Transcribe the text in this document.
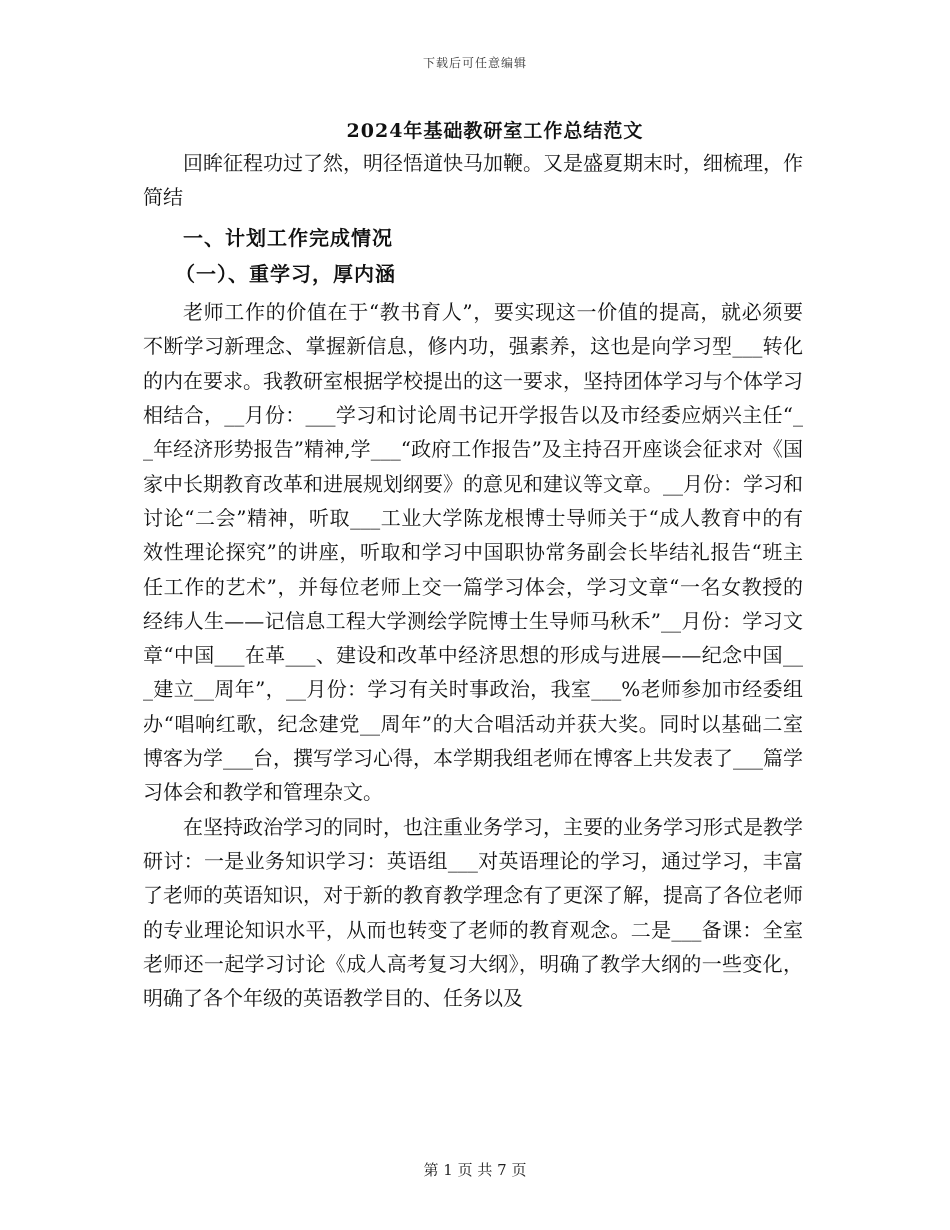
下载后可任意编辑
2024年基础教研室工作总结范文

回眸征程功过了然，明径悟道快马加鞭。又是盛夏期末时，细梳理，作简结

一、计划工作完成情况
（一）、重学习，厚内涵

老师工作的价值在于“教书育人”，要实现这一价值的提高，就必须要不断学习新理念、掌握新信息，修内功，强素养，这也是向学习型___转化的内在要求。我教研室根据学校提出的这一要求，坚持团体学习与个体学习相结合，__月份：___学习和讨论周书记开学报告以及市经委应炳兴主任“__年经济形势报告”精神,学___“政府工作报告”及主持召开座谈会征求对《国家中长期教育改革和进展规划纲要》的意见和建议等文章。__月份：学习和讨论“二会”精神，听取___工业大学陈龙根博士导师关于“成人教育中的有效性理论探究”的讲座，听取和学习中国职协常务副会长毕结礼报告“班主任工作的艺术”，并每位老师上交一篇学习体会，学习文章“一名女教授的经纬人生——记信息工程大学测绘学院博士生导师马秋禾”__月份：学习文章“中国___在革___、建设和改革中经济思想的形成与进展——纪念中国___建立__周年”，__月份：学习有关时事政治，我室___%老师参加市经委组办“唱响红歌，纪念建党__周年”的大合唱活动并获大奖。同时以基础二室博客为学___台，撰写学习心得，本学期我组老师在博客上共发表了___篇学习体会和教学和管理杂文。

在坚持政治学习的同时，也注重业务学习，主要的业务学习形式是教学研讨：一是业务知识学习：英语组___对英语理论的学习，通过学习，丰富了老师的英语知识，对于新的教育教学理念有了更深了解，提高了各位老师的专业理论知识水平，从而也转变了老师的教育观念。二是___备课：全室老师还一起学习讨论《成人高考复习大纲》，明确了教学大纲的一些变化，明确了各个年级的英语教学目的、任务以及

第 1 页 共 7 页
